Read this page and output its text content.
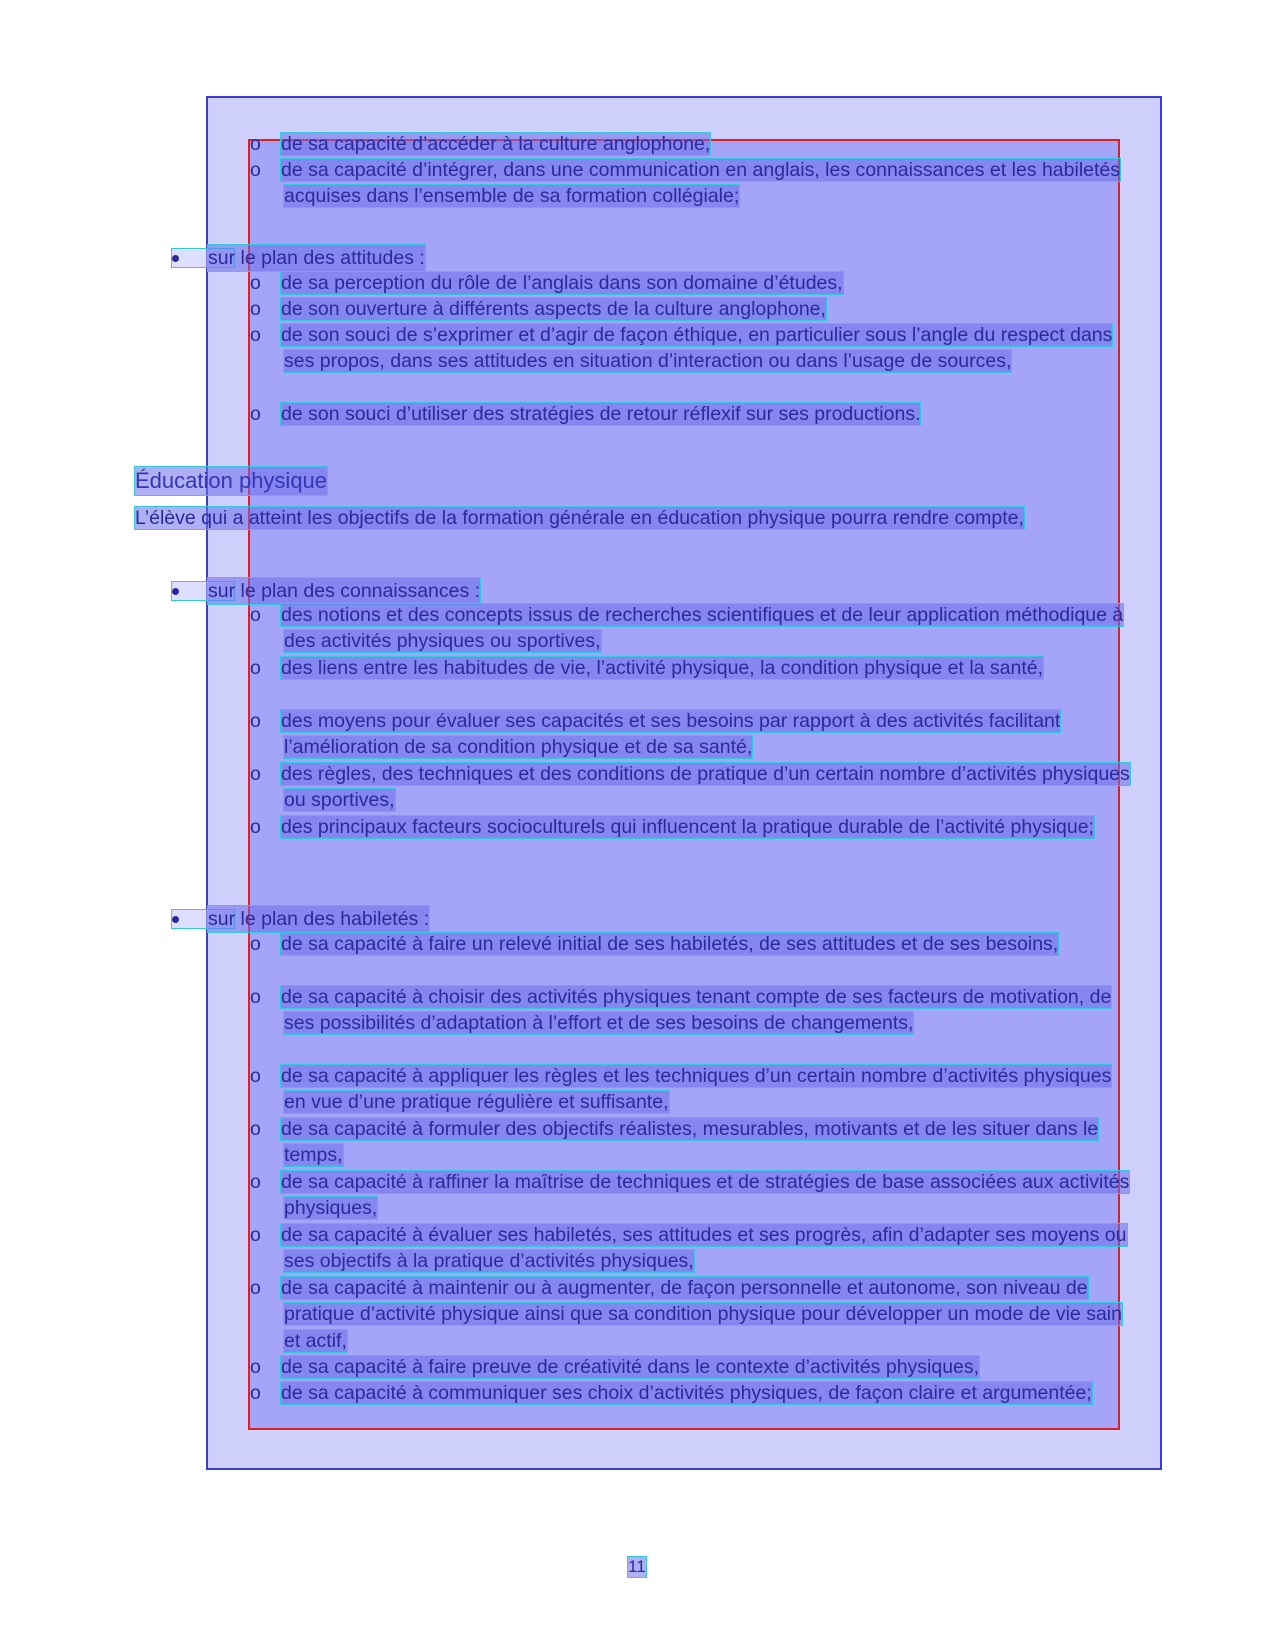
o	de sa capacité d’accéder à la culture anglophone,
o	de sa capacité d’intégrer, dans une communication en anglais, les connaissances et les habiletés acquises dans l’ensemble de sa formation collégiale;
sur le plan des attitudes :
o	de sa perception du rôle de l’anglais dans son domaine d’études,
o	de son ouverture à différents aspects de la culture anglophone,
o	de son souci de s’exprimer et d’agir de façon éthique, en particulier sous l’angle du respect dans ses propos, dans ses attitudes en situation d’interaction ou dans l’usage de sources,
o	de son souci d’utiliser des stratégies de retour réflexif sur ses productions.
Éducation physique
L’élève qui a atteint les objectifs de la formation générale en éducation physique pourra rendre compte,
sur le plan des connaissances :
o	des notions et des concepts issus de recherches scientifiques et de leur application méthodique à des activités physiques ou sportives,
o	des liens entre les habitudes de vie, l’activité physique, la condition physique et la santé,
o	des moyens pour évaluer ses capacités et ses besoins par rapport à des activités facilitant l’amélioration de sa condition physique et de sa santé,
o	des règles, des techniques et des conditions de pratique d’un certain nombre d’activités physiques ou sportives,
o	des principaux facteurs socioculturels qui influencent la pratique durable de l’activité physique;
sur le plan des habiletés :
o	de sa capacité à faire un relevé initial de ses habiletés, de ses attitudes et de ses besoins,
o	de sa capacité à choisir des activités physiques tenant compte de ses facteurs de motivation, de ses possibilités d’adaptation à l’effort et de ses besoins de changements,
o	de sa capacité à appliquer les règles et les techniques d’un certain nombre d’activités physiques en vue d’une pratique régulière et suffisante,
o	de sa capacité à formuler des objectifs réalistes, mesurables, motivants et de les situer dans le temps,
o	de sa capacité à raffiner la maîtrise de techniques et de stratégies de base associées aux activités physiques,
o	de sa capacité à évaluer ses habiletés, ses attitudes et ses progrès, afin d’adapter ses moyens ou ses objectifs à la pratique d’activités physiques,
o	de sa capacité à maintenir ou à augmenter, de façon personnelle et autonome, son niveau de pratique d’activité physique ainsi que sa condition physique pour développer un mode de vie sain et actif,
o	de sa capacité à faire preuve de créativité dans le contexte d’activités physiques,
o	de sa capacité à communiquer ses choix d’activités physiques, de façon claire et argumentée;
11
